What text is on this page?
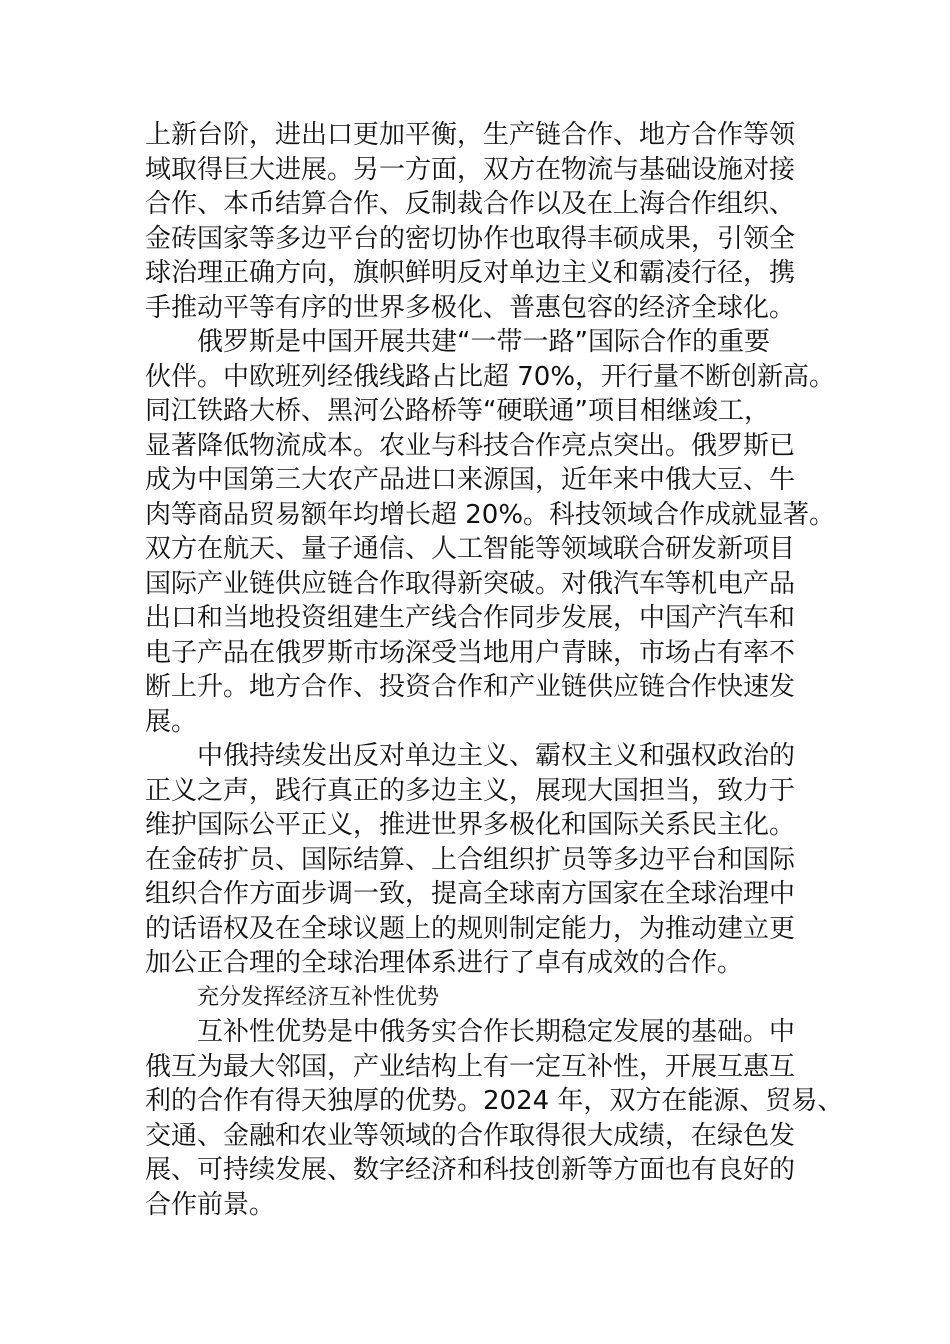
上新台阶，进出口更加平衡，生产链合作、地方合作等领
域取得巨大进展。另一方面，双方在物流与基础设施对接
合作、本币结算合作、反制裁合作以及在上海合作组织、
金砖国家等多边平台的密切协作也取得丰硕成果，引领全
球治理正确方向，旗帜鲜明反对单边主义和霸凌行径，携
手推动平等有序的世界多极化、普惠包容的经济全球化。
俄罗斯是中国开展共建“一带一路”国际合作的重要
伙伴。中欧班列经俄线路占比超 70%，开行量不断创新高。
同江铁路大桥、黑河公路桥等“硬联通”项目相继竣工，
显著降低物流成本。农业与科技合作亮点突出。俄罗斯已
成为中国第三大农产品进口来源国，近年来中俄大豆、牛
肉等商品贸易额年均增长超 20%。科技领域合作成就显著。
双方在航天、量子通信、人工智能等领域联合研发新项目
国际产业链供应链合作取得新突破。对俄汽车等机电产品
出口和当地投资组建生产线合作同步发展，中国产汽车和
电子产品在俄罗斯市场深受当地用户青睐，市场占有率不
断上升。地方合作、投资合作和产业链供应链合作快速发
展。
中俄持续发出反对单边主义、霸权主义和强权政治的
正义之声，践行真正的多边主义，展现大国担当，致力于
维护国际公平正义，推进世界多极化和国际关系民主化。
在金砖扩员、国际结算、上合组织扩员等多边平台和国际
组织合作方面步调一致，提高全球南方国家在全球治理中
的话语权及在全球议题上的规则制定能力，为推动建立更
加公正合理的全球治理体系进行了卓有成效的合作。
充分发挥经济互补性优势
互补性优势是中俄务实合作长期稳定发展的基础。中
俄互为最大邻国，产业结构上有一定互补性，开展互惠互
利的合作有得天独厚的优势。2024 年，双方在能源、贸易、
交通、金融和农业等领域的合作取得很大成绩，在绿色发
展、可持续发展、数字经济和科技创新等方面也有良好的
合作前景。
